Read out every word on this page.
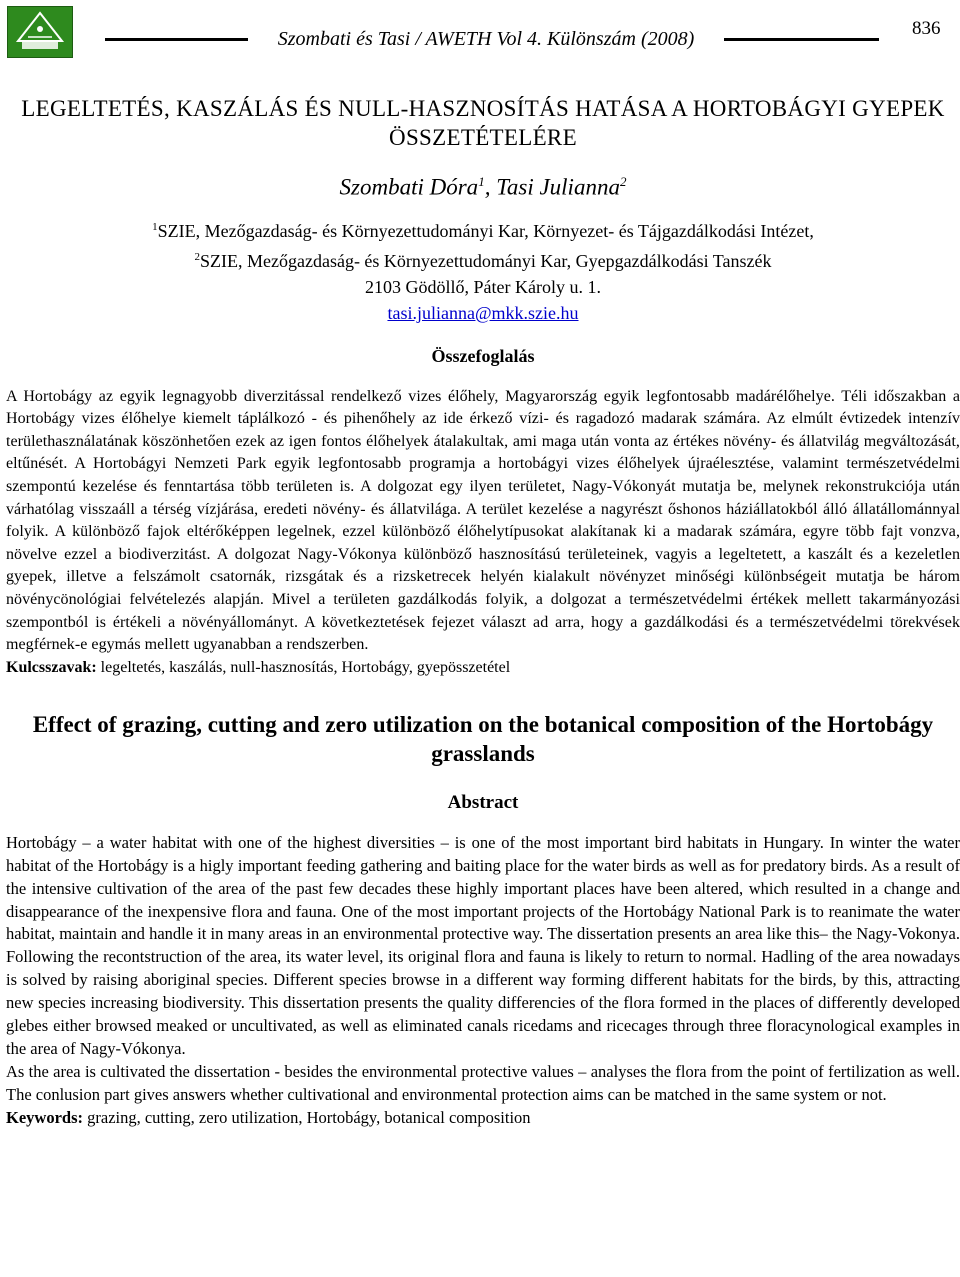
Szombati és Tasi / AWETH Vol 4. Különszám (2008)	836
LEGELTETÉS, KASZÁLÁS ÉS NULL-HASZNOSÍTÁS HATÁSA A HORTOBÁGYI GYEPEK ÖSSZETÉTELÉRE
Szombati Dóra$^1$, Tasi Julianna$^2$
$^1$SZIE, Mezőgazdaság- és Környezettudományi Kar, Környezet- és Tájgazdálkodási Intézet,
$^2$SZIE, Mezőgazdaság- és Környezettudományi Kar, Gyepgazdálkodási Tanszék
2103 Gödöllő, Páter Károly u. 1.
tasi.julianna@mkk.szie.hu
Összefoglalás

A Hortobágy az egyik legnagyobb diverzitással rendelkező vizes élőhely, Magyarország egyik legfontosabb madárélőhelye. Téli időszakban a Hortobágy vizes élőhelye kiemelt táplálkozó - és pihenőhely az ide érkező vízi- és ragadozó madarak számára. Az elmúlt évtizedek intenzív területhasználatának köszönhetően ezek az igen fontos élőhelyek átalakultak, ami maga után vonta az értékes növény- és állatvilág megváltozását, eltűnését. A Hortobágyi Nemzeti Park egyik legfontosabb programja a hortobágyi vizes élőhelyek újraélesztése, valamint természetvédelmi szempontú kezelése és fenntartása több területen is. A dolgozat egy ilyen területet, Nagy-Vókonyát mutatja be, melynek rekonstrukciója után várhatólag visszaáll a térség vízjárása, eredeti növény- és állatvilága. A terület kezelése a nagyrészt őshonos háziállatokból álló állatállománnyal folyik. A különböző fajok eltérőképpen legelnek, ezzel különböző élőhelytípusokat alakítanak ki a madarak számára, egyre több fajt vonzva, növelve ezzel a biodiverzitást. A dolgozat Nagy-Vókonya különböző hasznosítású területeinek, vagyis a legeltetett, a kaszált és a kezeletlen gyepek, illetve a felszámolt csatornák, rizsgátak és a rizsketrecek helyén kialakult növényzet minőségi különbségeit mutatja be három növénycönológiai felvételezés alapján. Mivel a területen gazdálkodás folyik, a dolgozat a természetvédelmi értékek mellett takarmányozási szempontból is értékeli a növényállományt. A következtetések fejezet választ ad arra, hogy a gazdálkodási és a természetvédelmi törekvések megférnek-e egymás mellett ugyanabban a rendszerben.

Kulcsszavak: legeltetés, kaszálás, null-hasznosítás, Hortobágy, gyepösszetétel

Effect of grazing, cutting and zero utilization on the botanical composition of the Hortobágy grasslands
Abstract

Hortobágy – a water habitat with one of the highest diversities – is one of the most important bird habitats in Hungary. In winter the water habitat of the Hortobágy is a higly important feeding gathering and baiting place for the water birds as well as for predatory birds. As a result of the intensive cultivation of the area of the past few decades these highly important places have been altered, which resulted in a change and disappearance of the inexpensive flora and fauna. One of the most important projects of the Hortobágy National Park is to reanimate the water habitat, maintain and handle it in many areas in an environmental protective way. The dissertation presents an area like this– the Nagy-Vokonya. Following the recontstruction of the area, its water level, its original flora and fauna is likely to return to normal. Hadling of the area nowadays is solved by raising aboriginal species. Different species browse in a different way forming different habitats for the birds, by this, attracting new species increasing biodiversity. This dissertation presents the quality differencies of the flora formed in the places of differently developed glebes either browsed meaked or uncultivated, as well as eliminated canals ricedams and ricecages through three floracynological examples in the area of Nagy-Vókonya.

As the area is cultivated the dissertation - besides the environmental protective values – analyses the flora from the point of fertilization as well. The conlusion part gives answers whether cultivational and environmental protection aims can be matched in the same system or not.

Keywords: grazing, cutting, zero utilization, Hortobágy, botanical composition
